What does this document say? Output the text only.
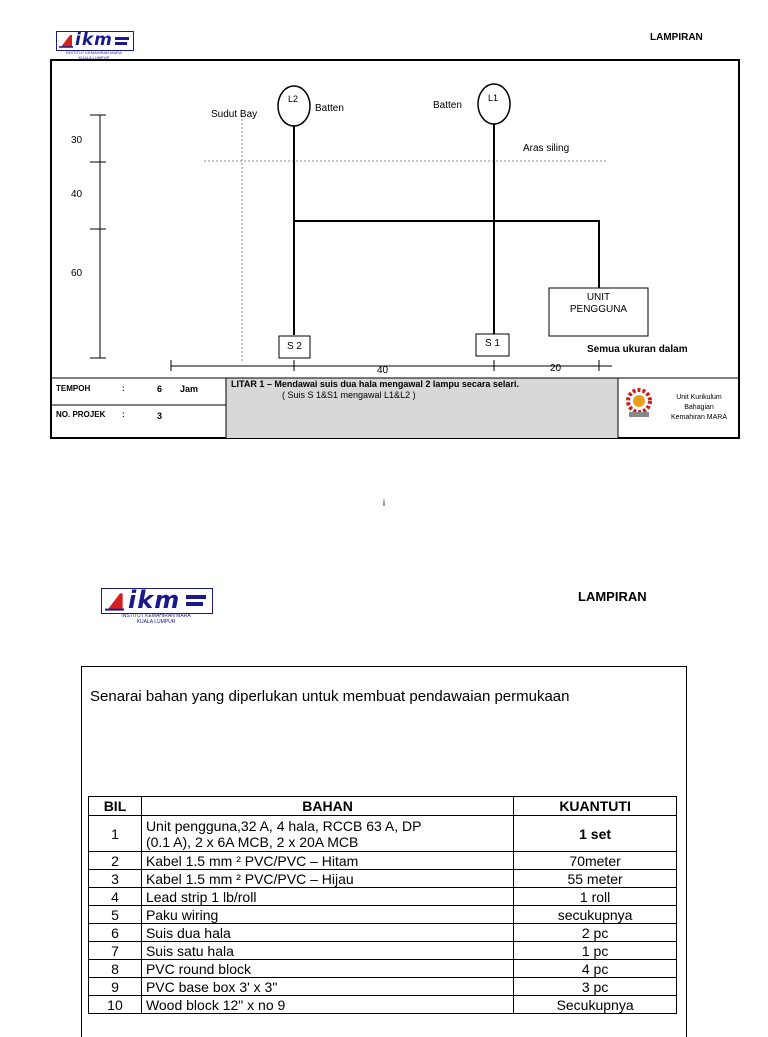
ikm
INSTITUT KEMAHIRAN MARA
KUALA LUMPUR
LAMPIRAN
L2	L1
Sudut Bay
Batten	Batten
Aras siling
30
40
60
UNIT
PENGGUNA
S 2	S 1
40	20
Semua ukuran dalam
TEMPOH	:	6 Jam
NO. PROJEK :	3
LITAR 1 – Mendawai suis dua hala mengawal 2 lampu secara selari.
( Suis S 1&S1 mengawal L1&L2 )	Unit Kurikulum
Bahagian
Kemahiran MARA
i
ikm
INSTITUT KEMAHIRAN MARA
KUALA LUMPUR
LAMPIRAN
Senarai bahan yang diperlukan untuk membuat pendawaian permukaan
BIL	BAHAN	KUANTUTI
1	Unit pengguna,32 A, 4 hala, RCCB 63 A, DP
(0.1 A), 2 x 6A MCB, 2 x 20A MCB	1 set
2	Kabel 1.5 mm ² PVC/PVC – Hitam	70meter
3	Kabel 1.5 mm ² PVC/PVC – Hijau	55 meter
4	Lead strip 1 lb/roll	1 roll
5	Paku wiring	secukupnya
6	Suis dua hala	2 pc
7	Suis satu hala	1 pc
8	PVC round block	4 pc
9	PVC base box 3' x 3"	3 pc
10	Wood block 12" x no 9	Secukupnya
